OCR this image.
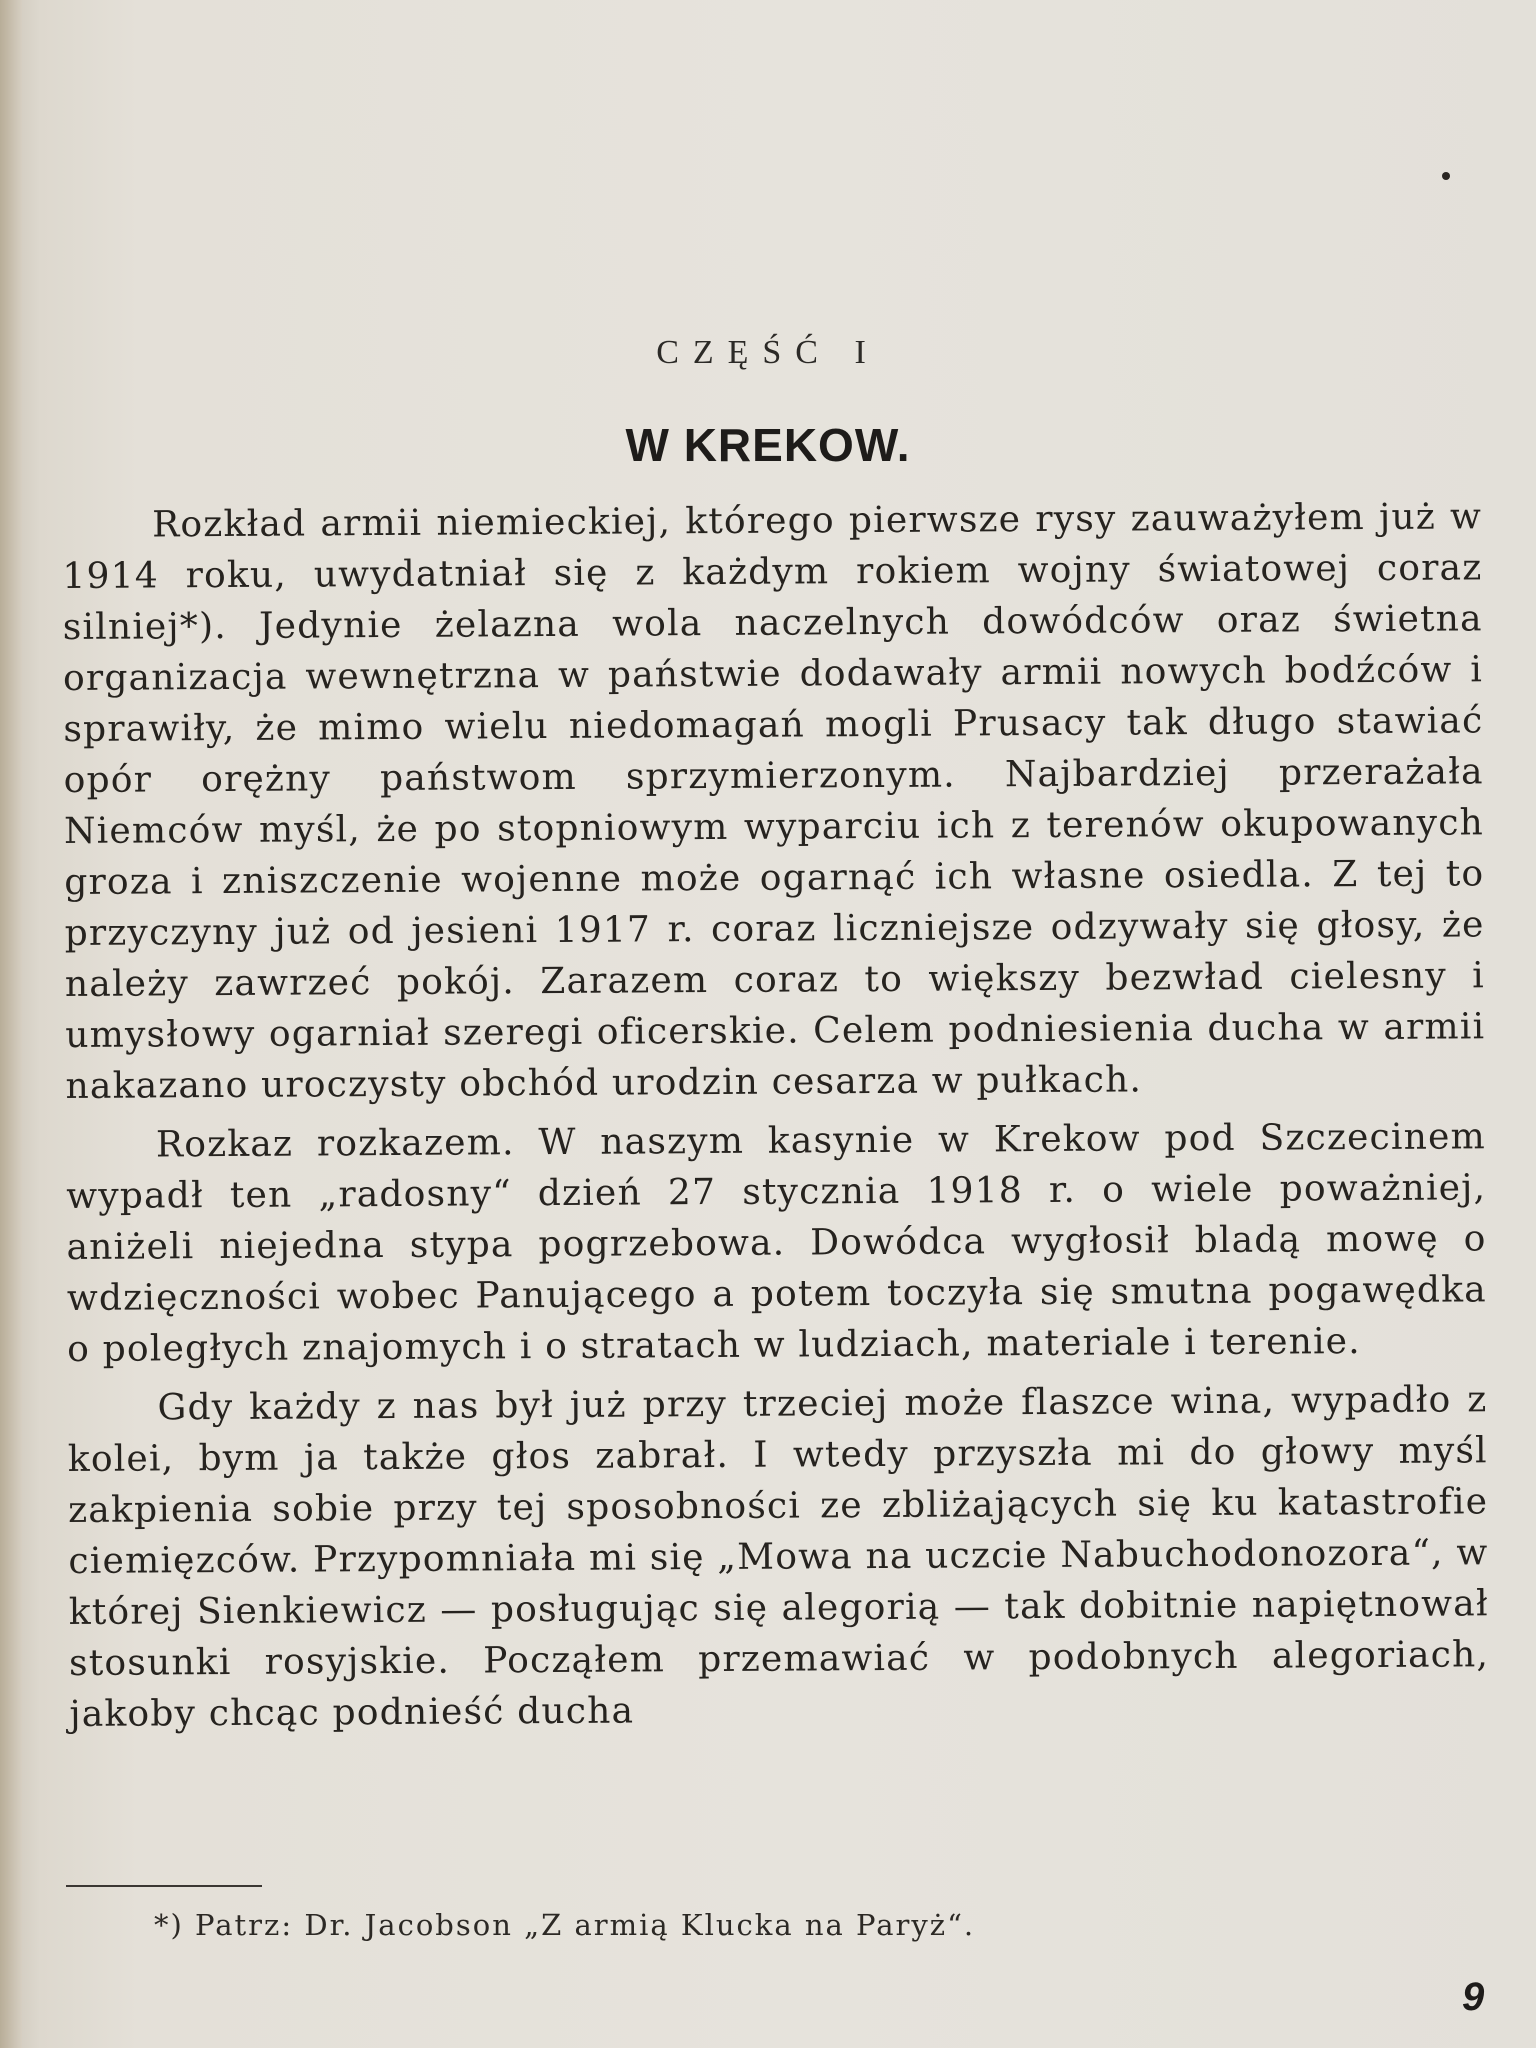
CZĘŚĆ I
W KREKOW.

Rozkład armii niemieckiej, którego pierwsze rysy zauważyłem już w 1914 roku, uwydatniał się z każdym rokiem wojny światowej coraz silniej*). Jedynie żelazna wola naczelnych dowódców oraz świetna organizacja wewnętrzna w państwie dodawały armii nowych bodźców i sprawiły, że mimo wielu niedomagań mogli Prusacy tak długo stawiać opór orężny państwom sprzymierzonym. Najbardziej przerażała Niemców myśl, że po stopniowym wyparciu ich z terenów okupowanych groza i zniszczenie wojenne może ogarnąć ich własne osiedla. Z tej to przyczyny już od jesieni 1917 r. coraz liczniejsze odzywały się głosy, że należy zawrzeć pokój. Zarazem coraz to większy bezwład cielesny i umysłowy ogarniał szeregi oficerskie. Celem podniesienia ducha w armii nakazano uroczysty obchód urodzin cesarza w pułkach.

Rozkaz rozkazem. W naszym kasynie w Krekow pod Szczecinem wypadł ten „radosny“ dzień 27 stycznia 1918 r. o wiele poważniej, aniżeli niejedna stypa pogrzebowa. Dowódca wygłosił bladą mowę o wdzięczności wobec Panującego a potem toczyła się smutna pogawędka o poległych znajomych i o stratach w ludziach, materiale i terenie.

Gdy każdy z nas był już przy trzeciej może flaszce wina, wypadło z kolei, bym ja także głos zabrał. I wtedy przyszła mi do głowy myśl zakpienia sobie przy tej sposobności ze zbliżających się ku katastrofie ciemięzców. Przypomniała mi się „Mowa na uczcie Nabuchodonozora“, w której Sienkiewicz — posługując się alegorią — tak dobitnie napiętnował stosunki rosyjskie. Począłem przemawiać w podobnych alegoriach, jakoby chcąc podnieść ducha

*) Patrz: Dr. Jacobson „Z armią Klucka na Paryż“.
9
